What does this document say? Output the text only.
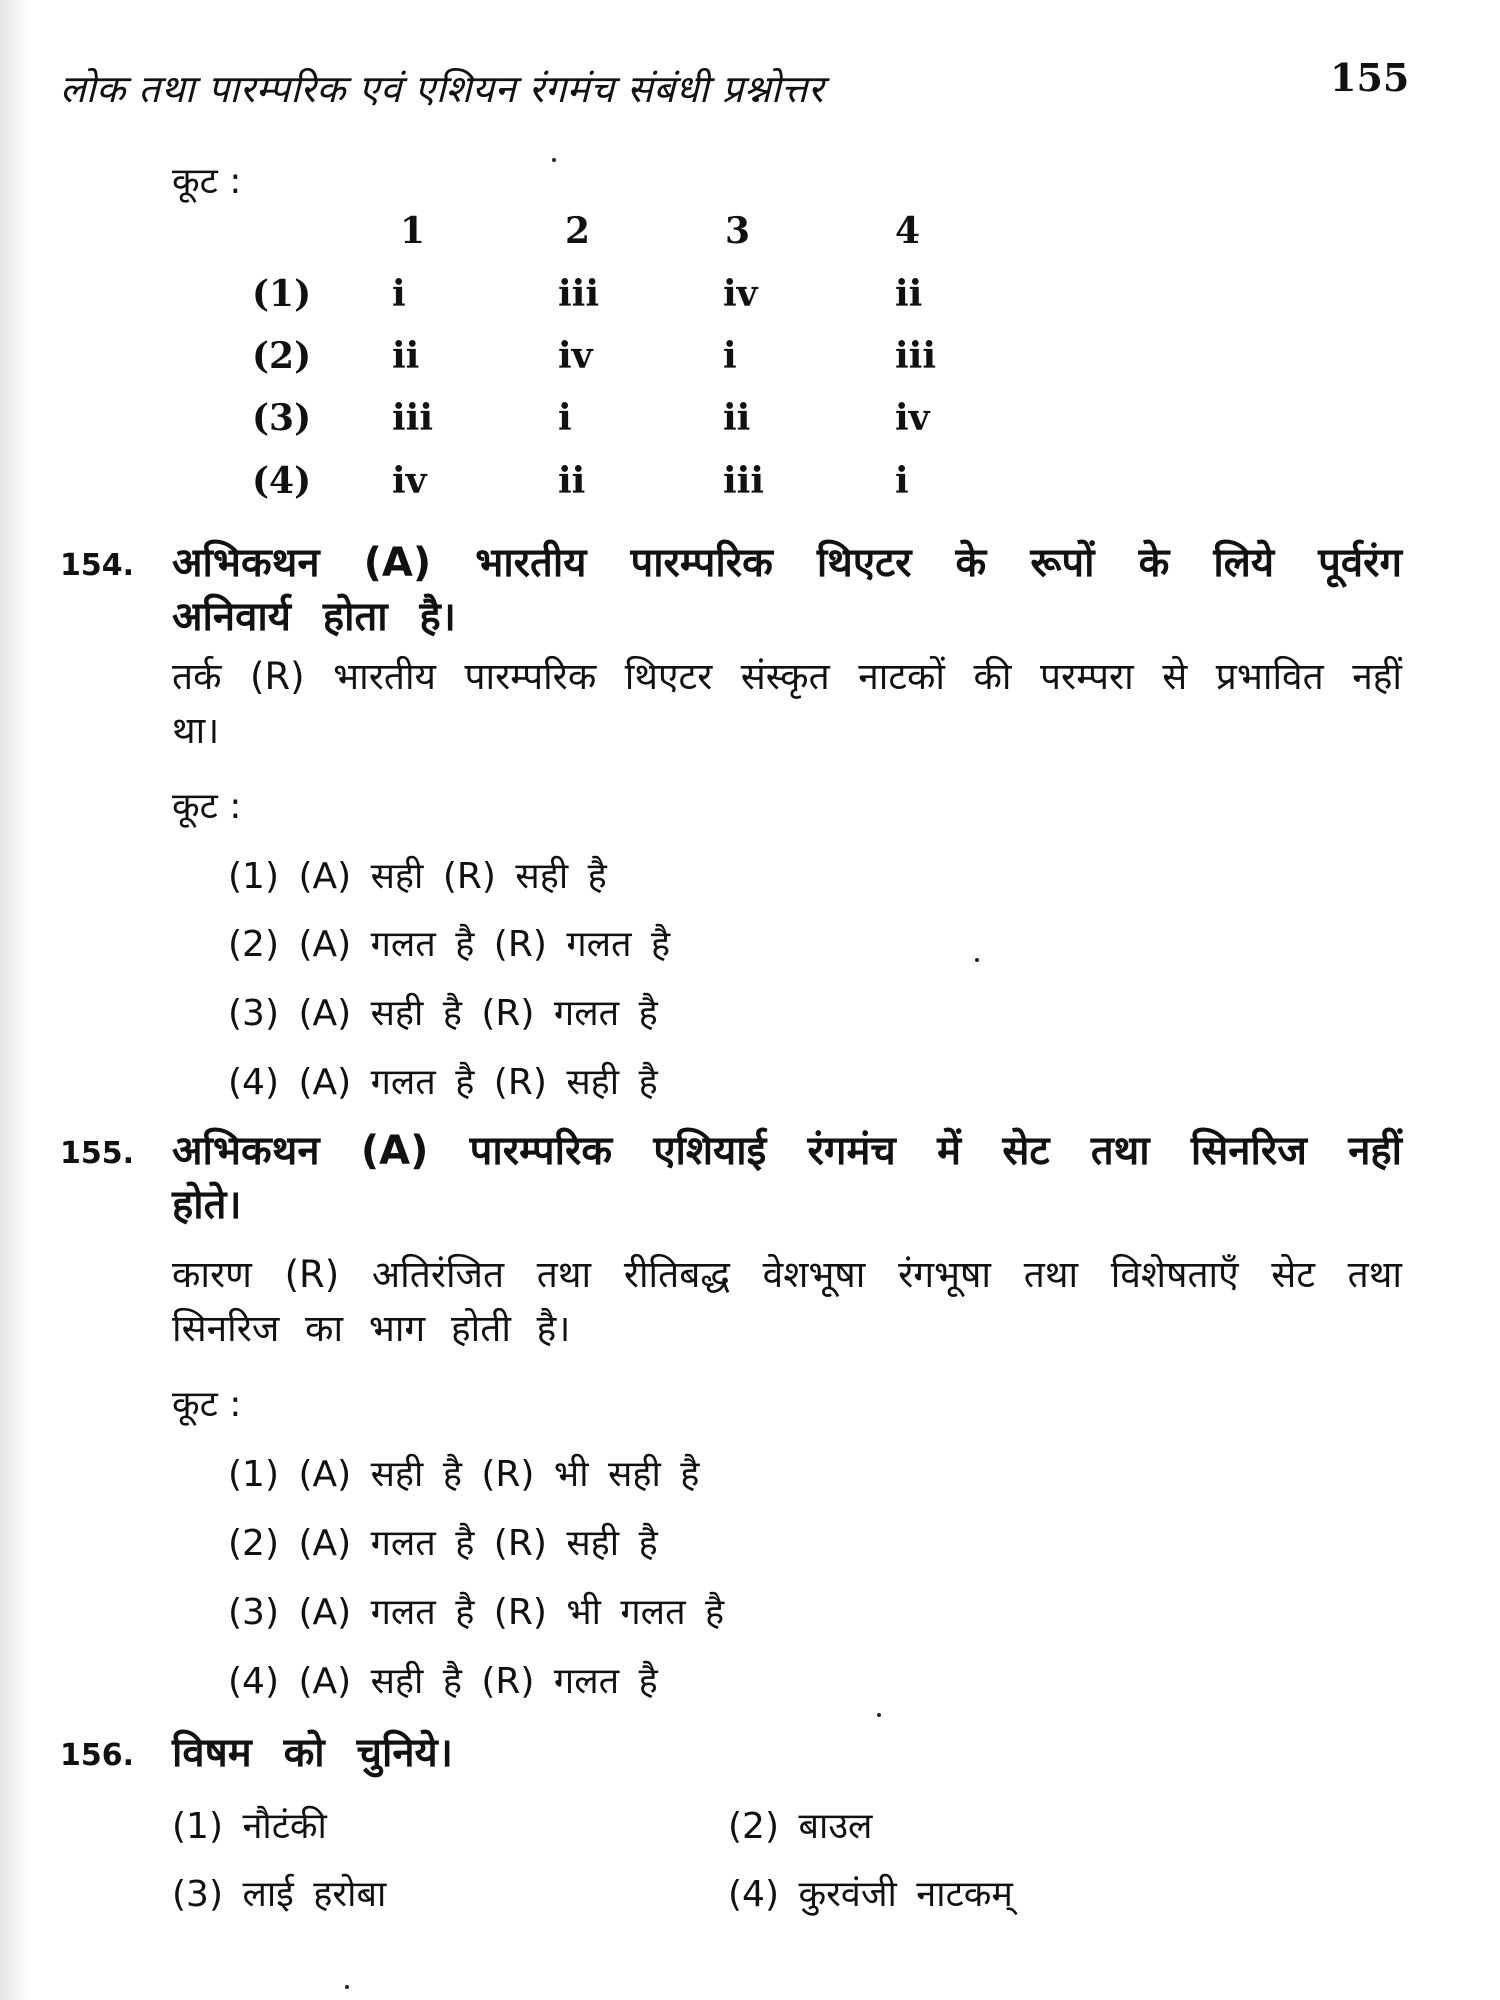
लोक तथा पारम्परिक एवं एशियन रंगमंच संबंधी प्रश्नोत्तर	155
कूट :
1	2	3	4
(1) i	iii	iv	ii
(2) ii	iv	i	iii
(3) iii	i	ii	iv
(4) iv	ii	iii	i
154. अभिकथन (A) भारतीय पारम्परिक थिएटर के रूपों के लिये पूर्वरंग अनिवार्य होता है।
तर्क (R) भारतीय पारम्परिक थिएटर संस्कृत नाटकों की परम्परा से प्रभावित नहीं था।
कूट :
(1) (A) सही (R) सही है
(2) (A) गलत है (R) गलत है
(3) (A) सही है (R) गलत है
(4) (A) गलत है (R) सही है
155. अभिकथन (A) पारम्परिक एशियाई रंगमंच में सेट तथा सिनरिज नहीं होते।
कारण (R) अतिरंजित तथा रीतिबद्ध वेशभूषा रंगभूषा तथा विशेषताएँ सेट तथा सिनरिज का भाग होती है।
कूट :
(1) (A) सही है (R) भी सही है
(2) (A) गलत है (R) सही है
(3) (A) गलत है (R) भी गलत है
(4) (A) सही है (R) गलत है
156. विषम को चुनिये।
(1) नौटंकी	(2) बाउल
(3) लाई हरोबा	(4) कुरवंजी नाटकम्
